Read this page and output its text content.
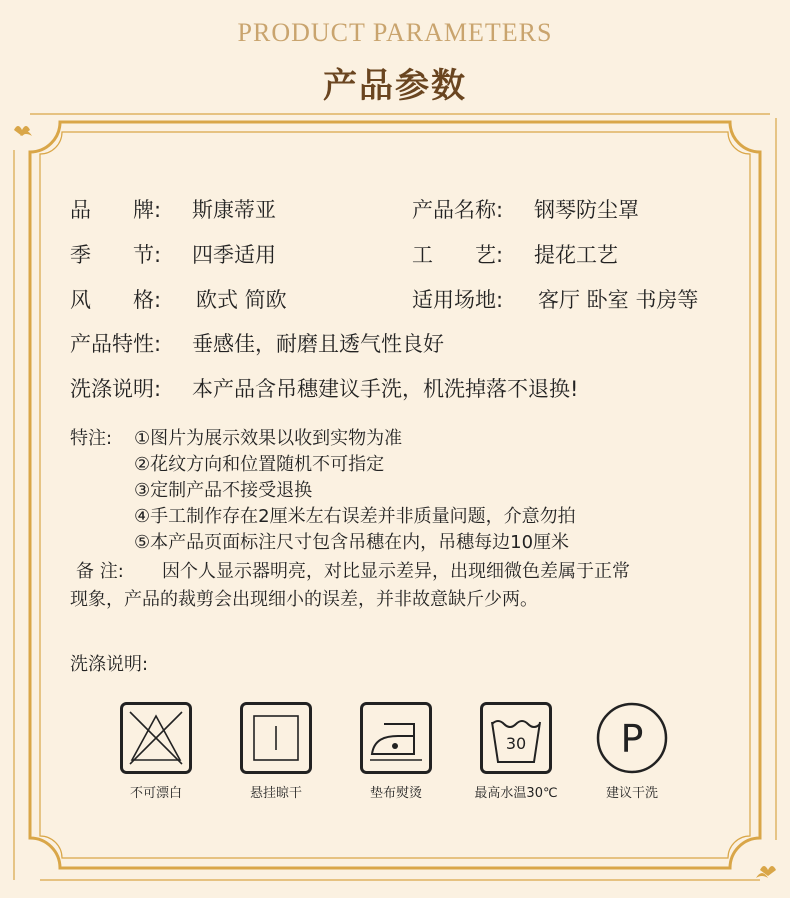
PRODUCT PARAMETERS
产品参数
品　　牌: 斯康蒂亚	产品名称: 钢琴防尘罩
季　　节: 四季适用	工　　艺: 提花工艺
风　　格: 欧式 简欧	适用场地: 客厅 卧室 书房等
产品特性: 垂感佳，耐磨且透气性良好
洗涤说明: 本产品含吊穗建议手洗，机洗掉落不退换!
特注: ①图片为展示效果以收到实物为准
②花纹方向和位置随机不可指定
③定制产品不接受退换
④手工制作存在2厘米左右误差并非质量问题，介意勿拍
⑤本产品页面标注尺寸包含吊穗在内，吊穗每边10厘米
备 注: 因个人显示器明亮，对比显示差异，出现细微色差属于正常
现象，产品的裁剪会出现细小的误差，并非故意缺斤少两。
洗涤说明:
30 P
不可漂白	悬挂晾干	垫布熨烫	最高水温30℃	建议干洗
